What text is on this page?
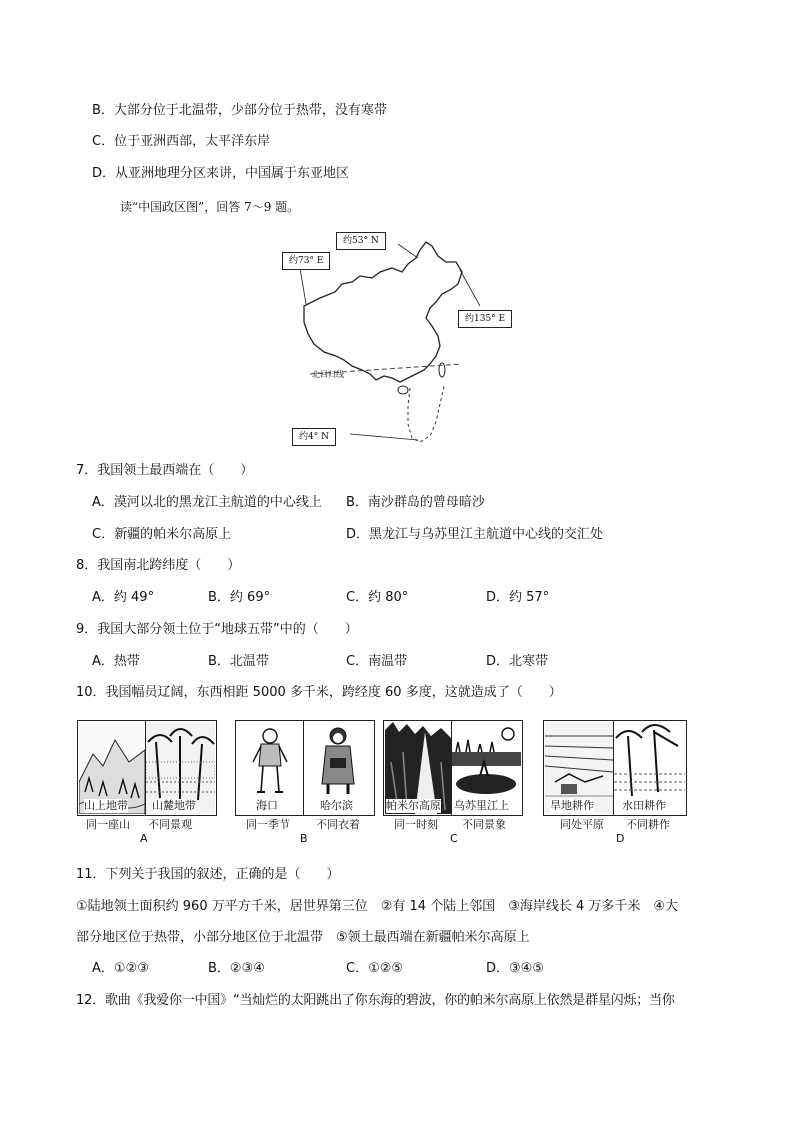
B．大部分位于北温带，少部分位于热带，没有寒带
C．位于亚洲西部，太平洋东岸
D．从亚洲地理分区来讲，中国属于东亚地区
读“中国政区图”，回答 7～9 题。
约53° N
约73° E
约135° E
约4° N
北回归线
7．我国领土最西端在（　　）
A．漠河以北的黑龙江主航道的中心线上 B．南沙群岛的曾母暗沙
C．新疆的帕米尔高原上	D．黑龙江与乌苏里江主航道中心线的交汇处
8．我国南北跨纬度（　　）
A．约 49°	B．约 69°	C．约 80°	D．约 57°
9．我国大部分领土位于“地球五带”中的（　　）
A．热带	B．北温带	C．南温带	D．北寒带
10．我国幅员辽阔，东西相距 5000 多千米，跨经度 60 多度，这就造成了（　　）
山上地带 山麓地带
同一座山 不同景观
A
海口	哈尔滨
同一季节 不同衣着
B
帕米尔高原 乌苏里江上
同一时刻 不同景象
C
旱地耕作	水田耕作
同处平原 不同耕作
D
11．下列关于我国的叙述，正确的是（　　）
①陆地领土面积约 960 万平方千米，居世界第三位　②有 14 个陆上邻国　③海岸线长 4 万多千米　④大
部分地区位于热带，小部分地区位于北温带　⑤领土最西端在新疆帕米尔高原上
A．①②③	B．②③④	C．①②⑤	D．③④⑤
12．歌曲《我爱你一中国》“当灿烂的太阳跳出了你东海的碧波，你的帕米尔高原上依然是群星闪烁；当你
